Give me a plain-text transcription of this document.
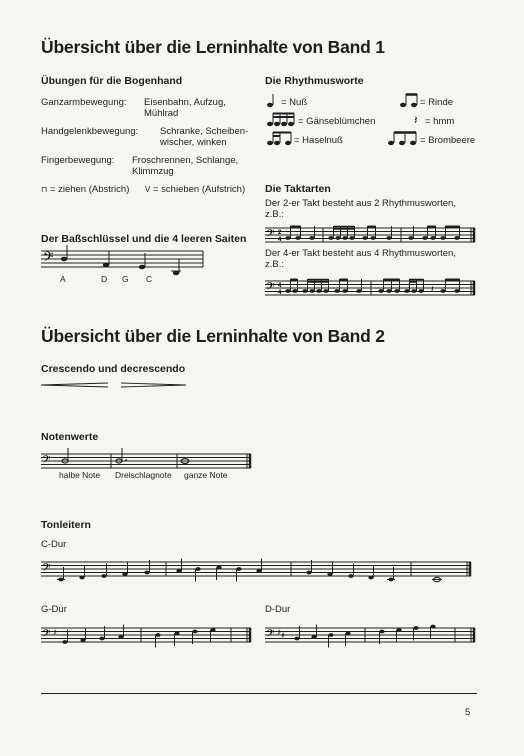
Übersicht über die Lerninhalte von Band 1
Übungen für die Bogenhand
Ganzarmbewegung: Eisenbahn, Aufzug,
Mühlrad
Handgelenkbewegung: Schranke, Scheiben-
wischer, winken
Fingerbewegung: Froschrennen, Schlange,
Klimmzug
⊓ = ziehen (Abstrich) V = schieben (Aufstrich)
Der Baßschlüssel und die 4 leeren Saiten
𝄢
A	D G C
Die Rhythmusworte
= Nuß	= Rinde
= Gänseblümchen	𝄽 = hmm
= Haselnuß	= Brombeere
Die Taktarten
Der 2-er Takt besteht aus 2 Rhythmusworten,
z.B.:
𝄢 2
4
Der 4-er Takt besteht aus 4 Rhythmusworten,
z.B.:
𝄢 4
4	𝄽
Übersicht über die Lerninhalte von Band 2
Crescendo und decrescendo
Notenwerte
𝄢
halbe Note Dreischlagnote ganze Note
Tonleitern
C-Dur
𝄢
G-Dur
𝄢 ♯
D-Dur
𝄢 ♯ ♯
5
